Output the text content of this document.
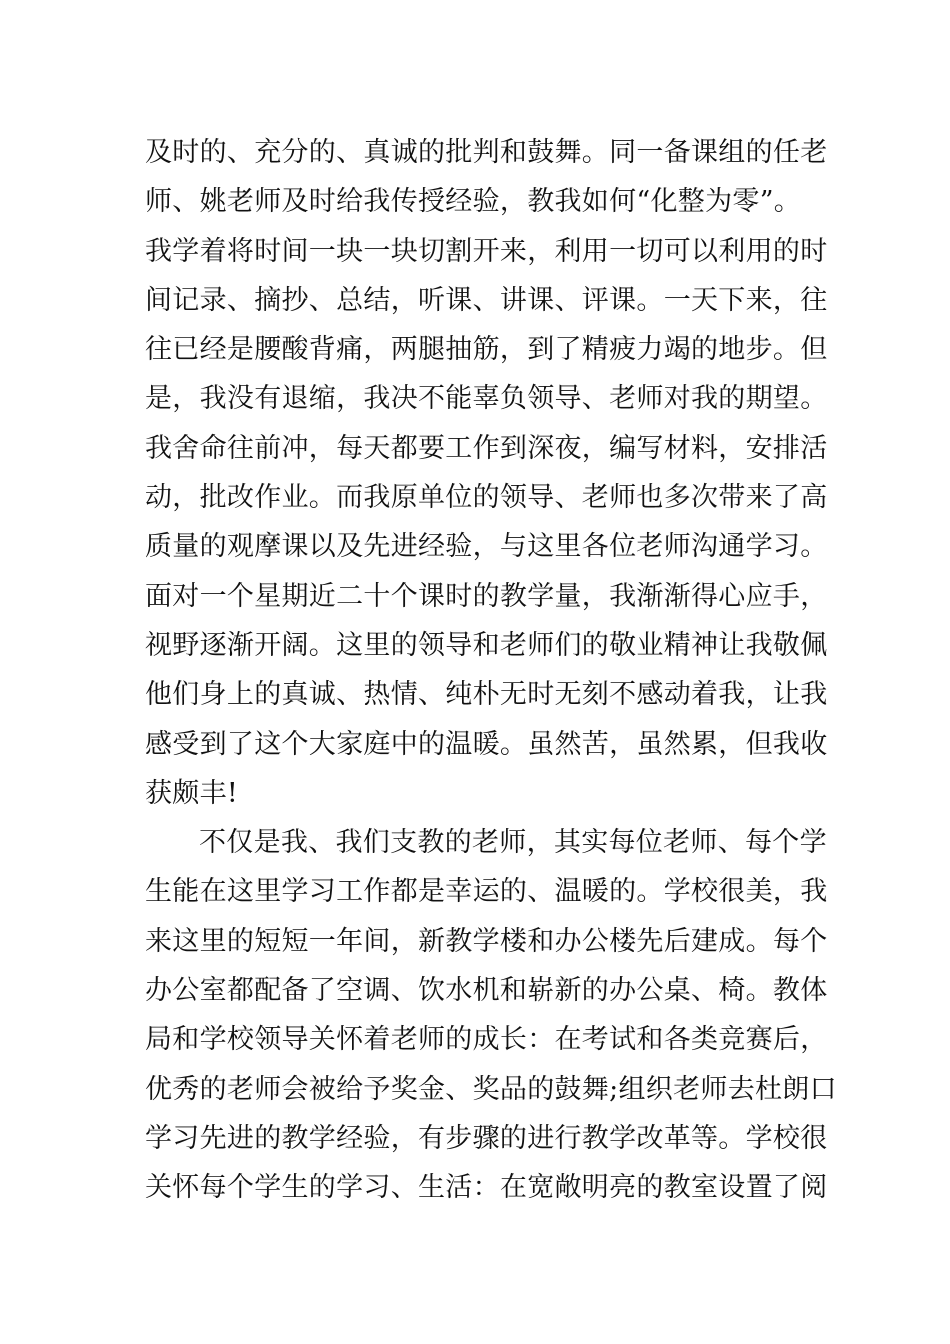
及时的、充分的、真诚的批判和鼓舞。同一备课组的任老
师、姚老师及时给我传授经验，教我如何“化整为零”。
我学着将时间一块一块切割开来，利用一切可以利用的时
间记录、摘抄、总结，听课、讲课、评课。一天下来，往
往已经是腰酸背痛，两腿抽筋，到了精疲力竭的地步。但
是，我没有退缩，我决不能辜负领导、老师对我的期望。
我舍命往前冲，每天都要工作到深夜，编写材料，安排活
动，批改作业。而我原单位的领导、老师也多次带来了高
质量的观摩课以及先进经验，与这里各位老师沟通学习。
面对一个星期近二十个课时的教学量，我渐渐得心应手，
视野逐渐开阔。这里的领导和老师们的敬业精神让我敬佩
他们身上的真诚、热情、纯朴无时无刻不感动着我，让我
感受到了这个大家庭中的温暖。虽然苦，虽然累，但我收
获颇丰!
不仅是我、我们支教的老师，其实每位老师、每个学
生能在这里学习工作都是幸运的、温暖的。学校很美，我
来这里的短短一年间，新教学楼和办公楼先后建成。每个
办公室都配备了空调、饮水机和崭新的办公桌、椅。教体
局和学校领导关怀着老师的成长：在考试和各类竞赛后，
优秀的老师会被给予奖金、奖品的鼓舞;组织老师去杜朗口
学习先进的教学经验，有步骤的进行教学改革等。学校很
关怀每个学生的学习、生活：在宽敞明亮的教室设置了阅
